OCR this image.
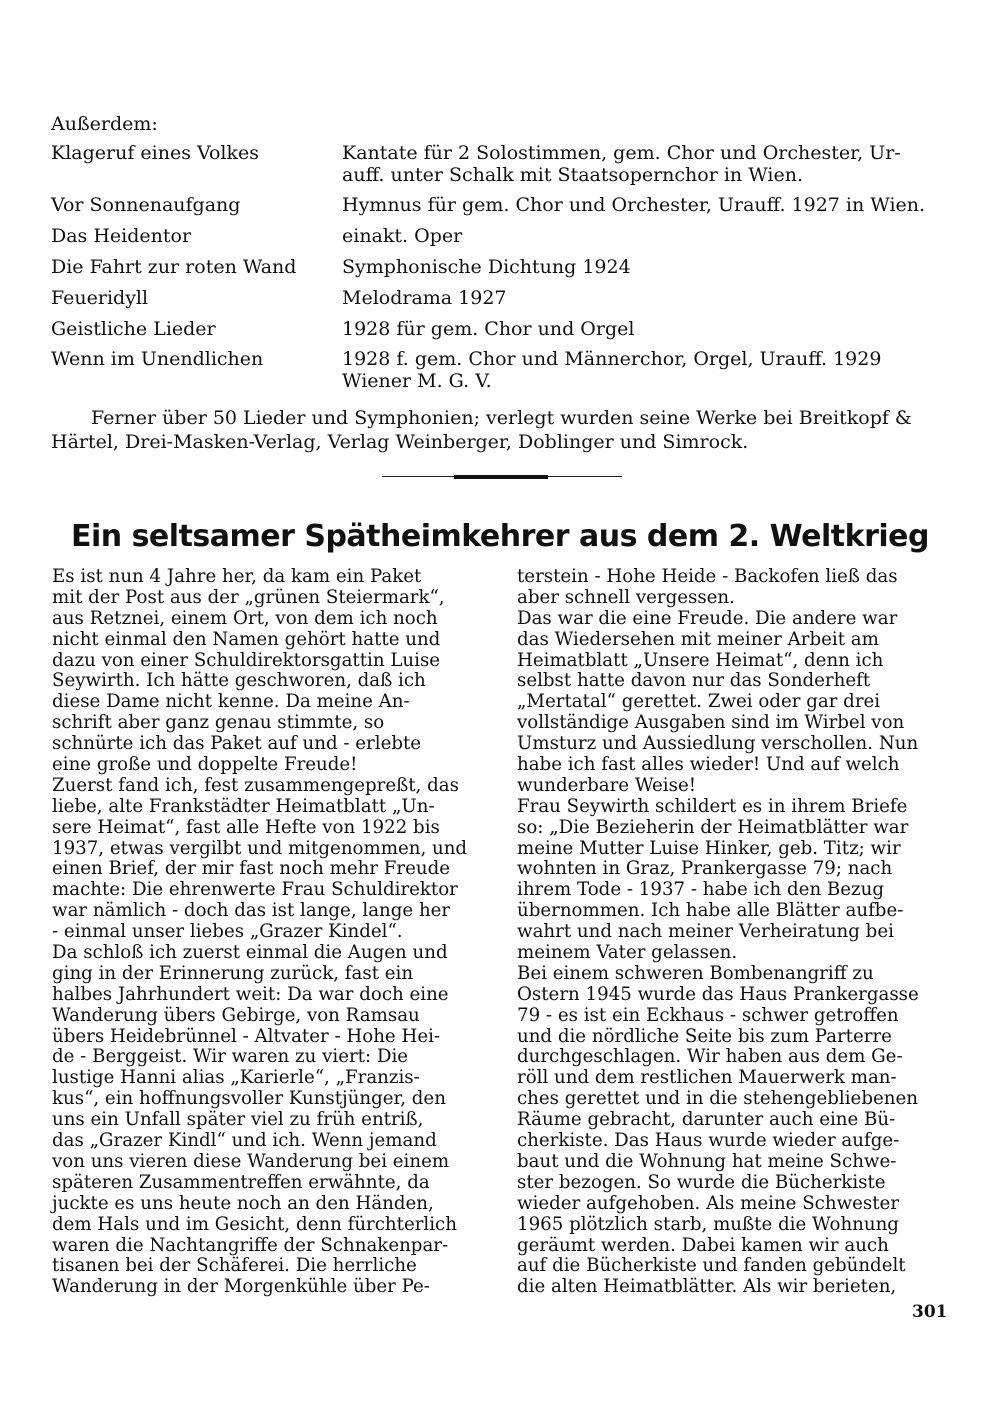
Außerdem:

Klageruf eines Volkes	Kantate für 2 Solostimmen, gem. Chor und Orchester, Ur-
auff. unter Schalk mit Staatsopernchor in Wien.
Vor Sonnenaufgang	Hymnus für gem. Chor und Orchester, Urauff. 1927 in Wien.
Das Heidentor	einakt. Oper
Die Fahrt zur roten Wand	Symphonische Dichtung 1924
Feueridyll	Melodrama 1927
Geistliche Lieder	1928 für gem. Chor und Orgel
Wenn im Unendlichen	1928 f. gem. Chor und Männerchor, Orgel, Urauff. 1929
Wiener M. G. V.

Ferner über 50 Lieder und Symphonien; verlegt wurden seine Werke bei Breitkopf &
Härtel, Drei-Masken-Verlag, Verlag Weinberger, Doblinger und Simrock.

Ein seltsamer Spätheimkehrer aus dem 2. Weltkrieg
Es ist nun 4 Jahre her, da kam ein Paket
mit der Post aus der „grünen Steiermark“,
aus Retznei, einem Ort, von dem ich noch
nicht einmal den Namen gehört hatte und
dazu von einer Schuldirektorsgattin Luise
Seywirth. Ich hätte geschworen, daß ich
diese Dame nicht kenne. Da meine An-
schrift aber ganz genau stimmte, so
schnürte ich das Paket auf und - erlebte
eine große und doppelte Freude!
Zuerst fand ich, fest zusammengepreßt, das
liebe, alte Frankstädter Heimatblatt „Un-
sere Heimat“, fast alle Hefte von 1922 bis
1937, etwas vergilbt und mitgenommen, und
einen Brief, der mir fast noch mehr Freude
machte: Die ehrenwerte Frau Schuldirektor
war nämlich - doch das ist lange, lange her
- einmal unser liebes „Grazer Kindel“.
Da schloß ich zuerst einmal die Augen und
ging in der Erinnerung zurück, fast ein
halbes Jahrhundert weit: Da war doch eine
Wanderung übers Gebirge, von Ramsau
übers Heidebrünnel - Altvater - Hohe Hei-
de - Berggeist. Wir waren zu viert: Die
lustige Hanni alias „Karierle“, „Franzis-
kus“, ein hoffnungsvoller Kunstjünger, den
uns ein Unfall später viel zu früh entriß,
das „Grazer Kindl“ und ich. Wenn jemand
von uns vieren diese Wanderung bei einem
späteren Zusammentreffen erwähnte, da
juckte es uns heute noch an den Händen,
dem Hals und im Gesicht, denn fürchterlich
waren die Nachtangriffe der Schnakenpar-
tisanen bei der Schäferei. Die herrliche
Wanderung in der Morgenkühle über Pe-
terstein - Hohe Heide - Backofen ließ das
aber schnell vergessen.
Das war die eine Freude. Die andere war
das Wiedersehen mit meiner Arbeit am
Heimatblatt „Unsere Heimat“, denn ich
selbst hatte davon nur das Sonderheft
„Mertatal“ gerettet. Zwei oder gar drei
vollständige Ausgaben sind im Wirbel von
Umsturz und Aussiedlung verschollen. Nun
habe ich fast alles wieder! Und auf welch
wunderbare Weise!
Frau Seywirth schildert es in ihrem Briefe
so: „Die Bezieherin der Heimatblätter war
meine Mutter Luise Hinker, geb. Titz; wir
wohnten in Graz, Prankergasse 79; nach
ihrem Tode - 1937 - habe ich den Bezug
übernommen. Ich habe alle Blätter aufbe-
wahrt und nach meiner Verheiratung bei
meinem Vater gelassen.
Bei einem schweren Bombenangriff zu
Ostern 1945 wurde das Haus Prankergasse
79 - es ist ein Eckhaus - schwer getroffen
und die nördliche Seite bis zum Parterre
durchgeschlagen. Wir haben aus dem Ge-
röll und dem restlichen Mauerwerk man-
ches gerettet und in die stehengebliebenen
Räume gebracht, darunter auch eine Bü-
cherkiste. Das Haus wurde wieder aufge-
baut und die Wohnung hat meine Schwe-
ster bezogen. So wurde die Bücherkiste
wieder aufgehoben. Als meine Schwester
1965 plötzlich starb, mußte die Wohnung
geräumt werden. Dabei kamen wir auch
auf die Bücherkiste und fanden gebündelt
die alten Heimatblätter. Als wir berieten,
301
